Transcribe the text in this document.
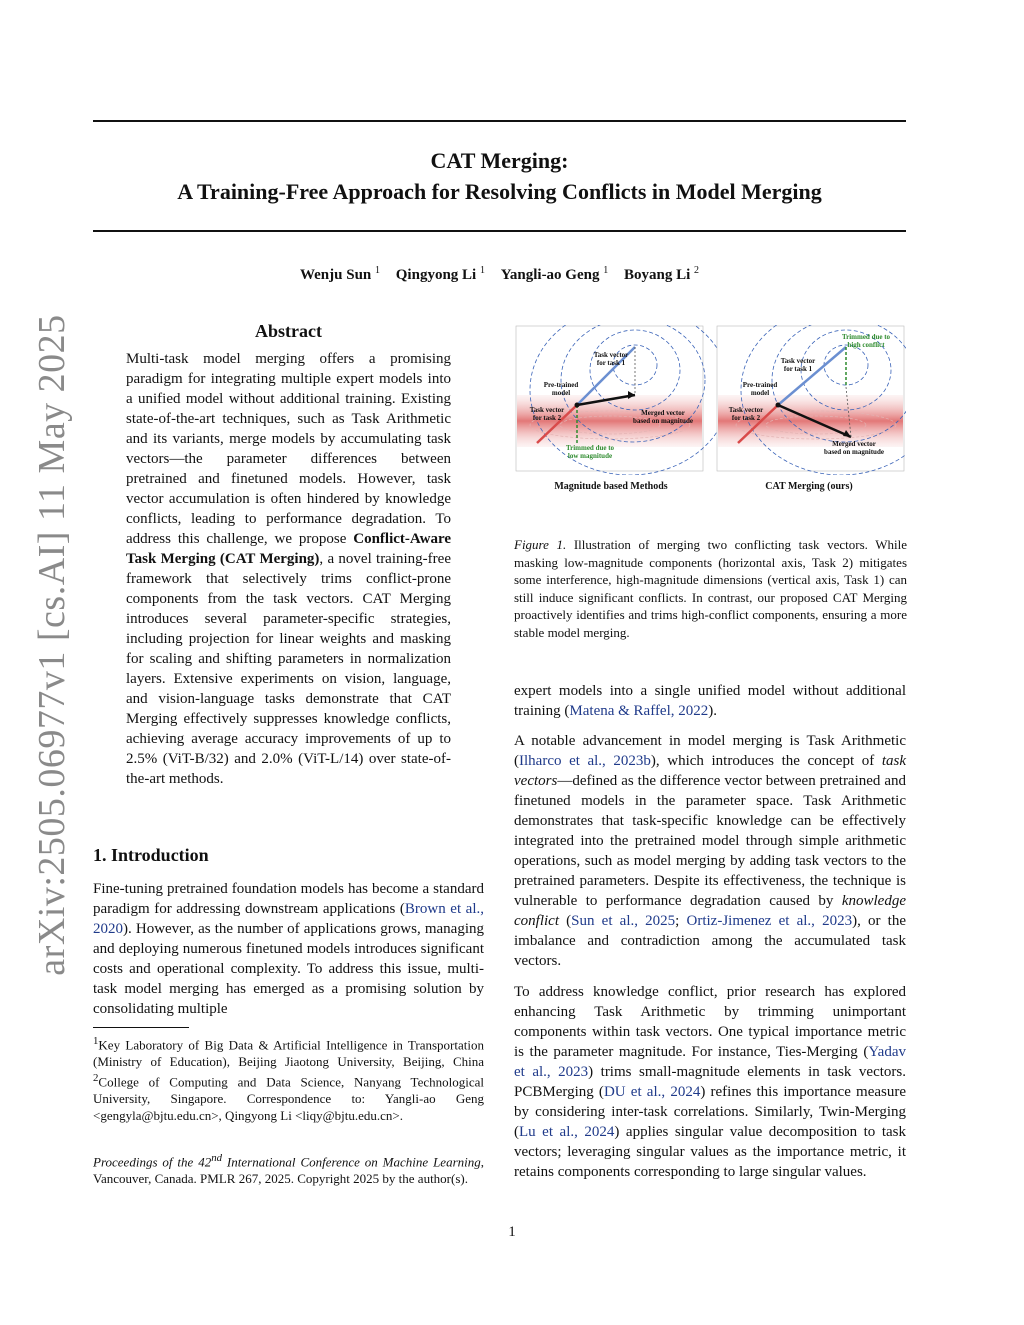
arXiv:2505.06977v1 [cs.AI] 11 May 2025
CAT Merging:
A Training-Free Approach for Resolving Conflicts in Model Merging
Wenju Sun $^1$ Qingyong Li $^1$ Yangli-ao Geng $^1$ Boyang Li $^2$
Abstract
Multi-task model merging offers a promising paradigm for integrating multiple expert models into a unified model without additional training. Existing state-of-the-art techniques, such as Task Arithmetic and its variants, merge models by accumulating task vectors—the parameter differences between pretrained and finetuned models. However, task vector accumulation is often hindered by knowledge conflicts, leading to performance degradation. To address this challenge, we propose Conflict-Aware Task Merging (CAT Merging), a novel training-free framework that selectively trims conflict-prone components from the task vectors. CAT Merging introduces several parameter-specific strategies, including projection for linear weights and masking for scaling and shifting parameters in normalization layers. Extensive experiments on vision, language, and vision-language tasks demonstrate that CAT Merging effectively suppresses knowledge conflicts, achieving average accuracy improvements of up to 2.5% (ViT-B/32) and 2.0% (ViT-L/14) over state-of-the-art methods.
1. Introduction
Fine-tuning pretrained foundation models has become a standard paradigm for addressing downstream applications (Brown et al., 2020). However, as the number of applications grows, managing and deploying numerous finetuned models introduces significant costs and operational complexity. To address this issue, multi-task model merging has emerged as a promising solution by consolidating multiple
$^1$Key Laboratory of Big Data & Artificial Intelligence in Transportation (Ministry of Education), Beijing Jiaotong University, Beijing, China $^2$College of Computing and Data Science, Nanyang Technological University, Singapore. Correspondence to: Yangli-ao Geng <gengyla@bjtu.edu.cn>, Qingyong Li <liqy@bjtu.edu.cn>.
Proceedings of the 42nd International Conference on Machine Learning, Vancouver, Canada. PMLR 267, 2025. Copyright 2025 by the author(s).
Task vector
for task 1
Pre-trained
model
Task vector
for task 2
Merged vector
based on magnitude
Trimmed due to
low magnitude
Task vector
for task 1
Pre-trained
model
Task vector
for task 2
Merged vector
based on magnitude
Trimmed due to
high conflict
Magnitude based Methods	CAT Merging (ours)
Figure 1. Illustration of merging two conflicting task vectors. While masking low-magnitude components (horizontal axis, Task 2) mitigates some interference, high-magnitude dimensions (vertical axis, Task 1) can still induce significant conflicts. In contrast, our proposed CAT Merging proactively identifies and trims high-conflict components, ensuring a more stable model merging.
expert models into a single unified model without additional training (Matena & Raffel, 2022).
A notable advancement in model merging is Task Arithmetic (Ilharco et al., 2023b), which introduces the concept of task vectors—defined as the difference vector between pretrained and finetuned models in the parameter space. Task Arithmetic demonstrates that task-specific knowledge can be effectively integrated into the pretrained model through simple arithmetic operations, such as model merging by adding task vectors to the pretrained parameters. Despite its effectiveness, the technique is vulnerable to performance degradation caused by knowledge conflict (Sun et al., 2025; Ortiz-Jimenez et al., 2023), or the imbalance and contradiction among the accumulated task vectors.
To address knowledge conflict, prior research has explored enhancing Task Arithmetic by trimming unimportant components within task vectors. One typical importance metric is the parameter magnitude. For instance, Ties-Merging (Yadav et al., 2023) trims small-magnitude elements in task vectors. PCBMerging (DU et al., 2024) refines this importance measure by considering inter-task correlations. Similarly, Twin-Merging (Lu et al., 2024) applies singular value decomposition to task vectors; leveraging singular values as the importance metric, it retains components corresponding to large singular values.
1
